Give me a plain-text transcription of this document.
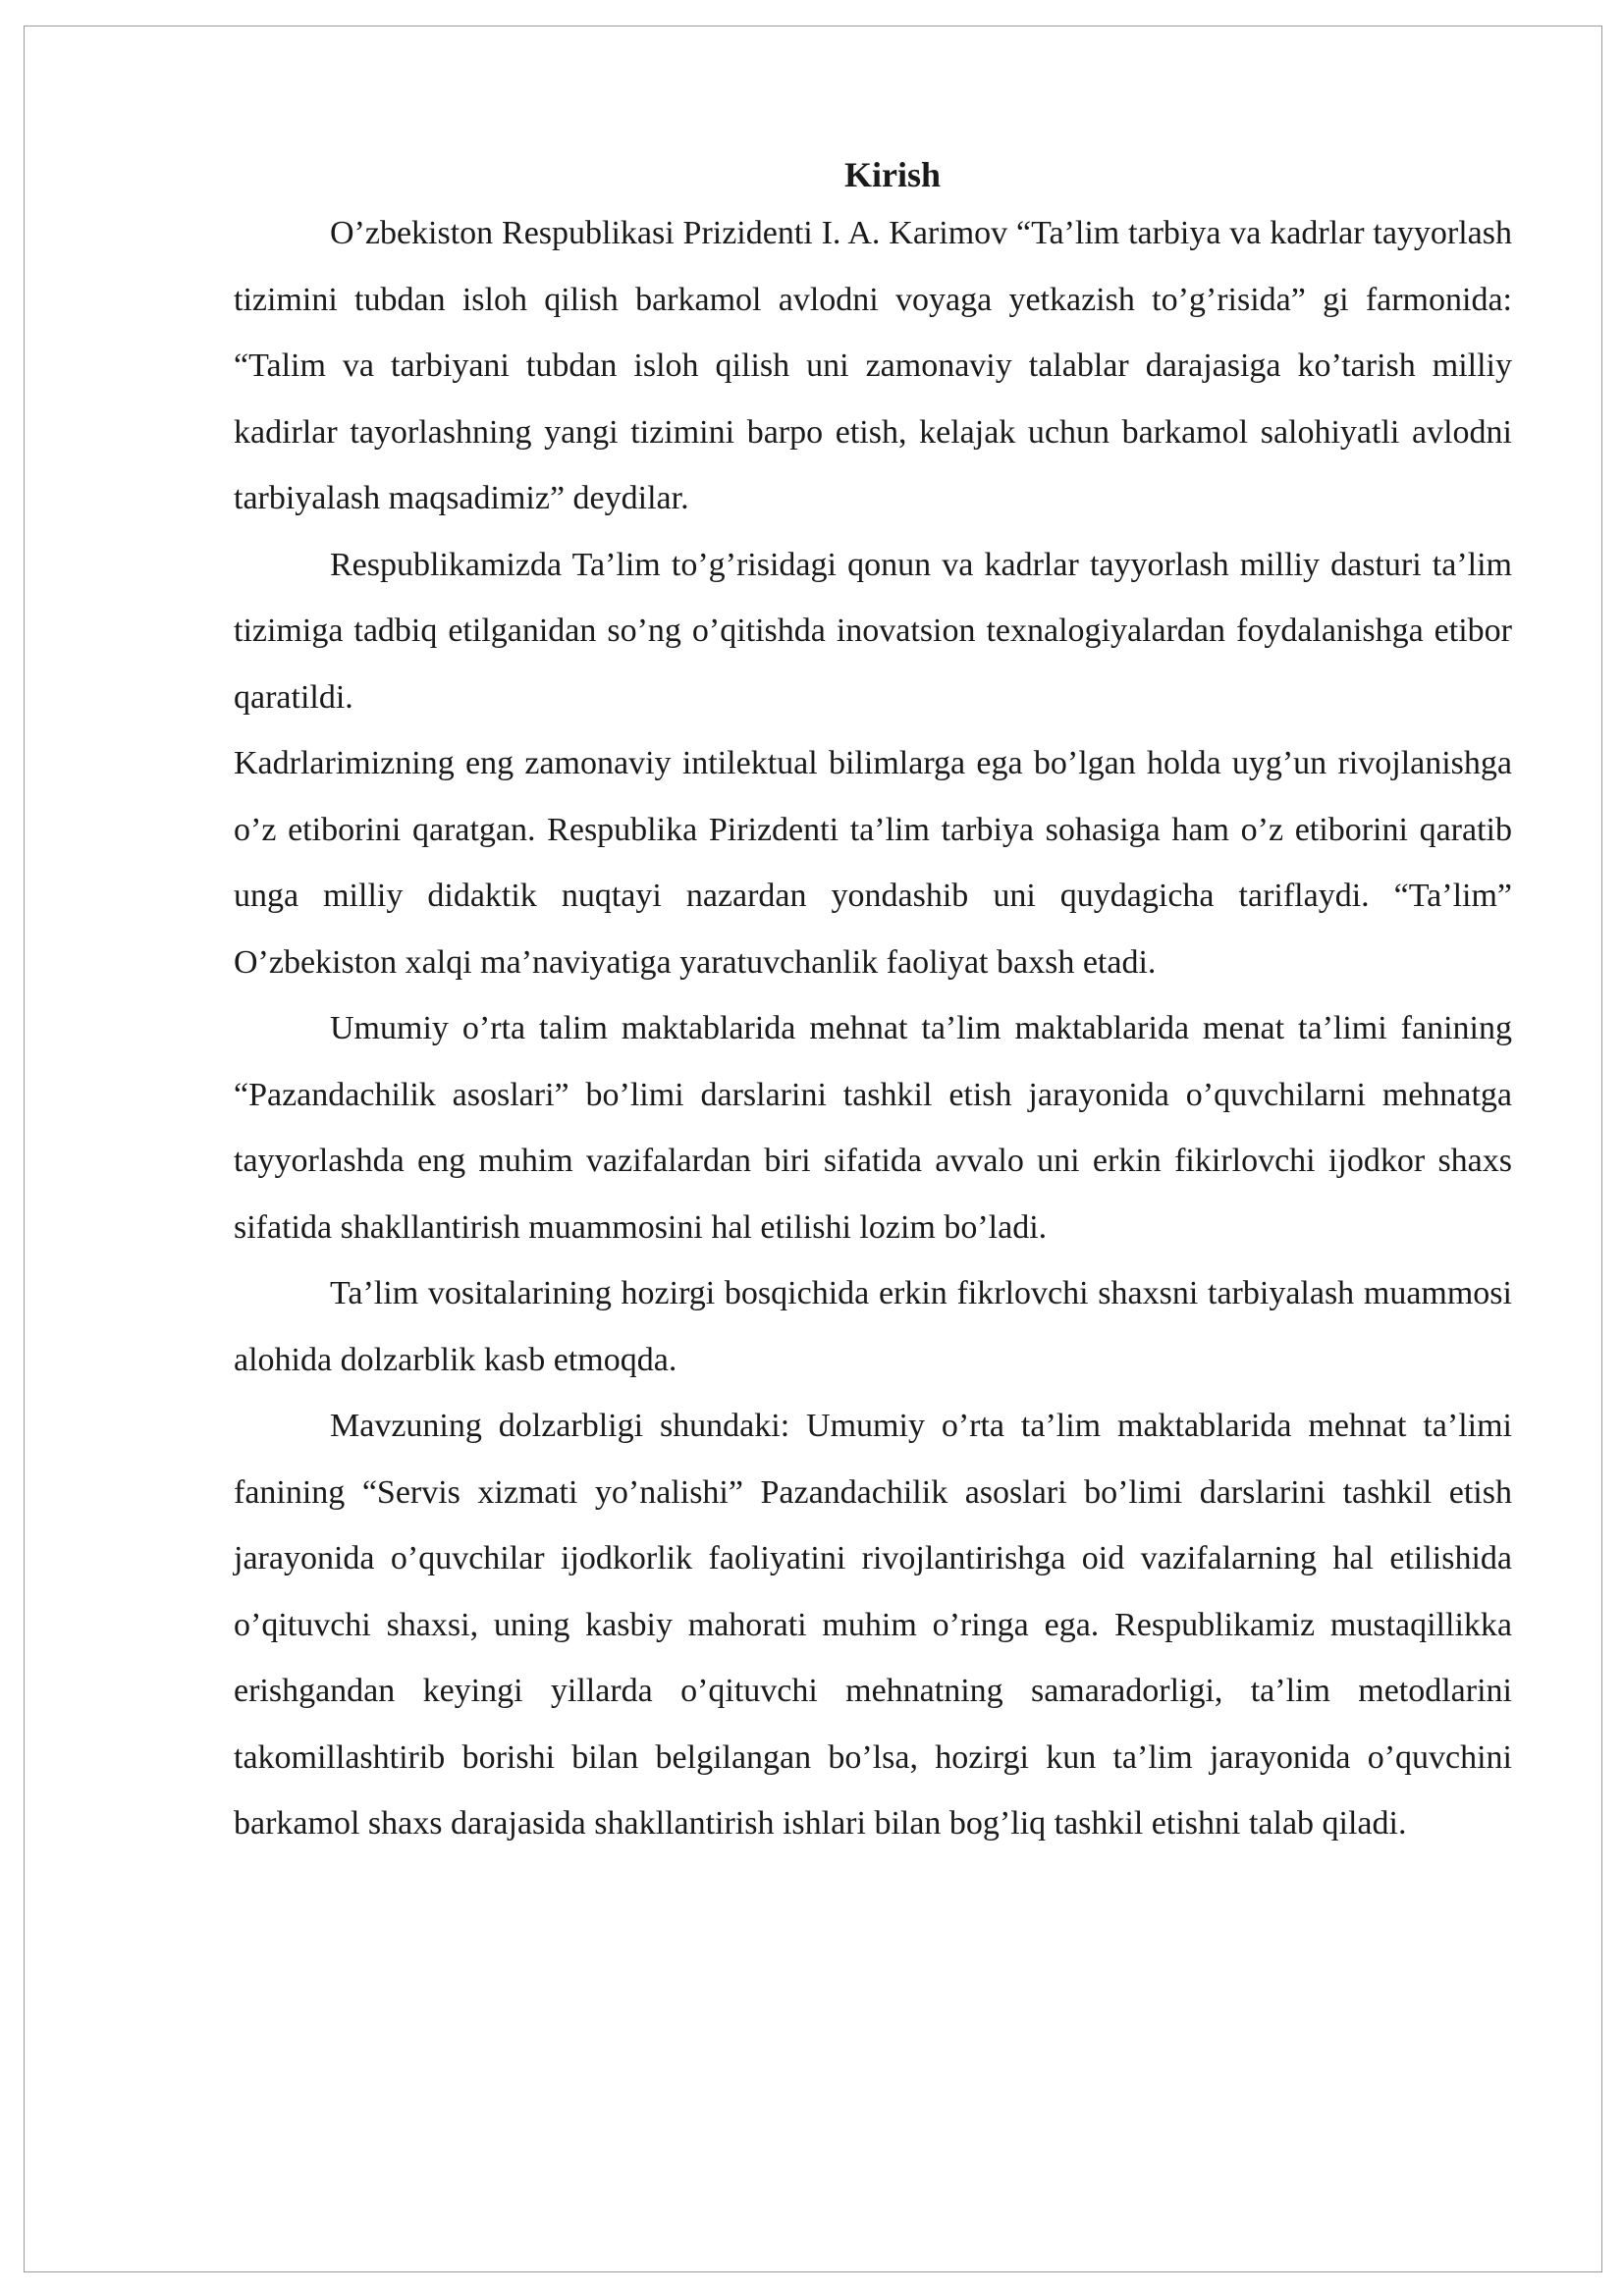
Kirish

O’zbekiston Respublikasi Prizidenti I. A. Karimov “Ta’lim tarbiya va kadrlar tayyorlash tizimini tubdan isloh qilish barkamol avlodni voyaga yetkazish to’g’risida” gi farmonida: “Talim va tarbiyani tubdan isloh qilish uni zamonaviy talablar darajasiga ko’tarish milliy kadirlar tayorlashning yangi tizimini barpo etish, kelajak uchun barkamol salohiyatli avlodni tarbiyalash maqsadimiz” deydilar.

Respublikamizda Ta’lim to’g’risidagi qonun va kadrlar tayyorlash milliy dasturi ta’lim tizimiga tadbiq etilganidan so’ng o’qitishda inovatsion texnalogiyalardan foydalanishga etibor qaratildi.

Kadrlarimizning eng zamonaviy intilektual bilimlarga ega bo’lgan holda uyg’un rivojlanishga o’z etiborini qaratgan. Respublika Pirizdenti ta’lim tarbiya sohasiga ham o’z etiborini qaratib unga milliy didaktik nuqtayi nazardan yondashib uni quydagicha tariflaydi. “Ta’lim” O’zbekiston xalqi ma’naviyatiga yaratuvchanlik faoliyat baxsh etadi.

Umumiy o’rta talim maktablarida mehnat ta’lim maktablarida menat ta’limi fanining “Pazandachilik asoslari” bo’limi darslarini tashkil etish jarayonida o’quvchilarni mehnatga tayyorlashda eng muhim vazifalardan biri sifatida avvalo uni erkin fikirlovchi ijodkor shaxs sifatida shakllantirish muammosini hal etilishi lozim bo’ladi.

Ta’lim vositalarining hozirgi bosqichida erkin fikrlovchi shaxsni tarbiyalash muammosi alohida dolzarblik kasb etmoqda.

Mavzuning dolzarbligi shundaki: Umumiy o’rta ta’lim maktablarida mehnat ta’limi fanining “Servis xizmati yo’nalishi” Pazandachilik asoslari bo’limi darslarini tashkil etish jarayonida o’quvchilar ijodkorlik faoliyatini rivojlantirishga oid vazifalarning hal etilishida o’qituvchi shaxsi, uning kasbiy mahorati muhim o’ringa ega. Respublikamiz mustaqillikka erishgandan keyingi yillarda o’qituvchi mehnatning samaradorligi, ta’lim metodlarini takomillashtirib borishi bilan belgilangan bo’lsa, hozirgi kun ta’lim jarayonida o’quvchini barkamol shaxs darajasida shakllantirish ishlari bilan bog’liq tashkil etishni talab qiladi.
